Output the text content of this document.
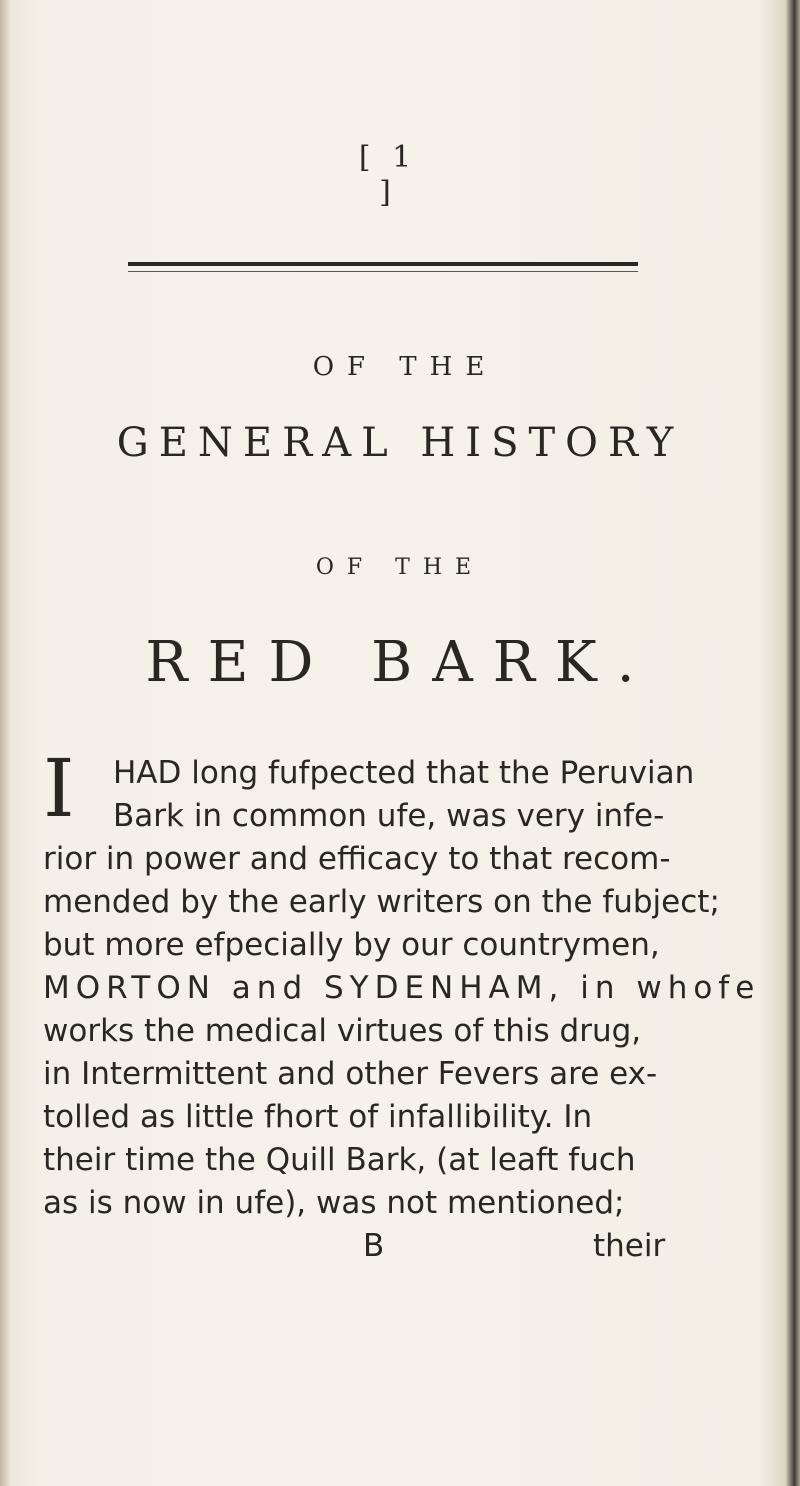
[ 1 ]
OF THE
GENERAL HISTORY
OF THE
RED BARK.
I HAD long fufpected that the Peruvian
Bark in common ufe, was very infe-
rior in power and efficacy to that recom-
mended by the early writers on the fubject;
but more efpecially by our countrymen,
MORTON and SYDENHAM, in whofe
works the medical virtues of this drug,
in Intermittent and other Fevers are ex-
tolled as little fhort of infallibility. In
their time the Quill Bark, (at leaft fuch
as is now in ufe), was not mentioned;
B	their
